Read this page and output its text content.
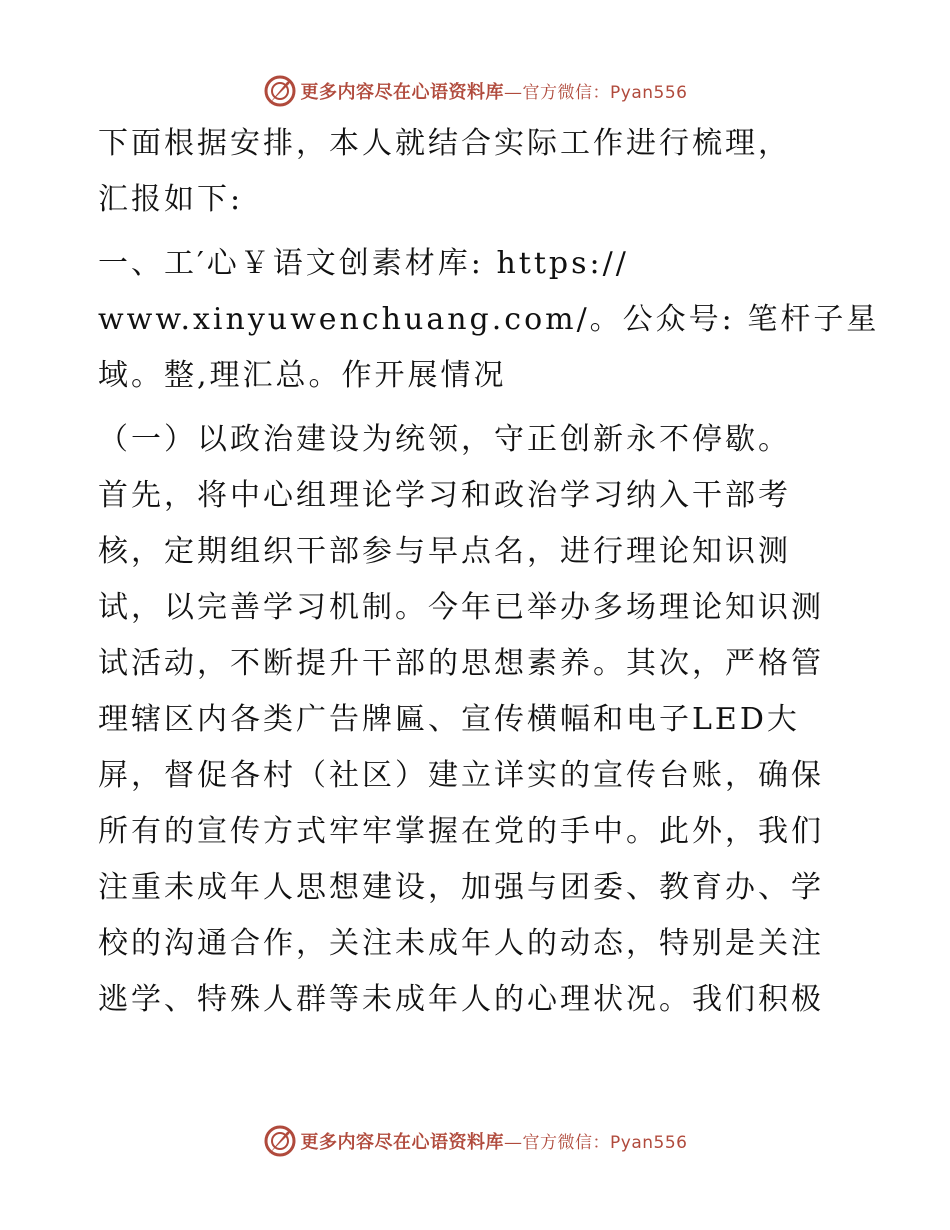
更多内容尽在心语资料库—官方微信：Pyan556
下面根据安排，本人就结合实际工作进行梳理，
汇报如下:
一、工′心￥语文创素材库: https://
www.xinyuwenchuang.com/。公众号: 笔杆子星
域。整,理汇总。作开展情况
（一）以政治建设为统领，守正创新永不停歇。
首先，将中心组理论学习和政治学习纳入干部考
核，定期组织干部参与早点名，进行理论知识测
试，以完善学习机制。今年已举办多场理论知识测
试活动，不断提升干部的思想素养。其次，严格管
理辖区内各类广告牌匾、宣传横幅和电子LED大
屏，督促各村（社区）建立详实的宣传台账，确保
所有的宣传方式牢牢掌握在党的手中。此外，我们
注重未成年人思想建设，加强与团委、教育办、学
校的沟通合作，关注未成年人的动态，特别是关注
逃学、特殊人群等未成年人的心理状况。我们积极
更多内容尽在心语资料库—官方微信：Pyan556
